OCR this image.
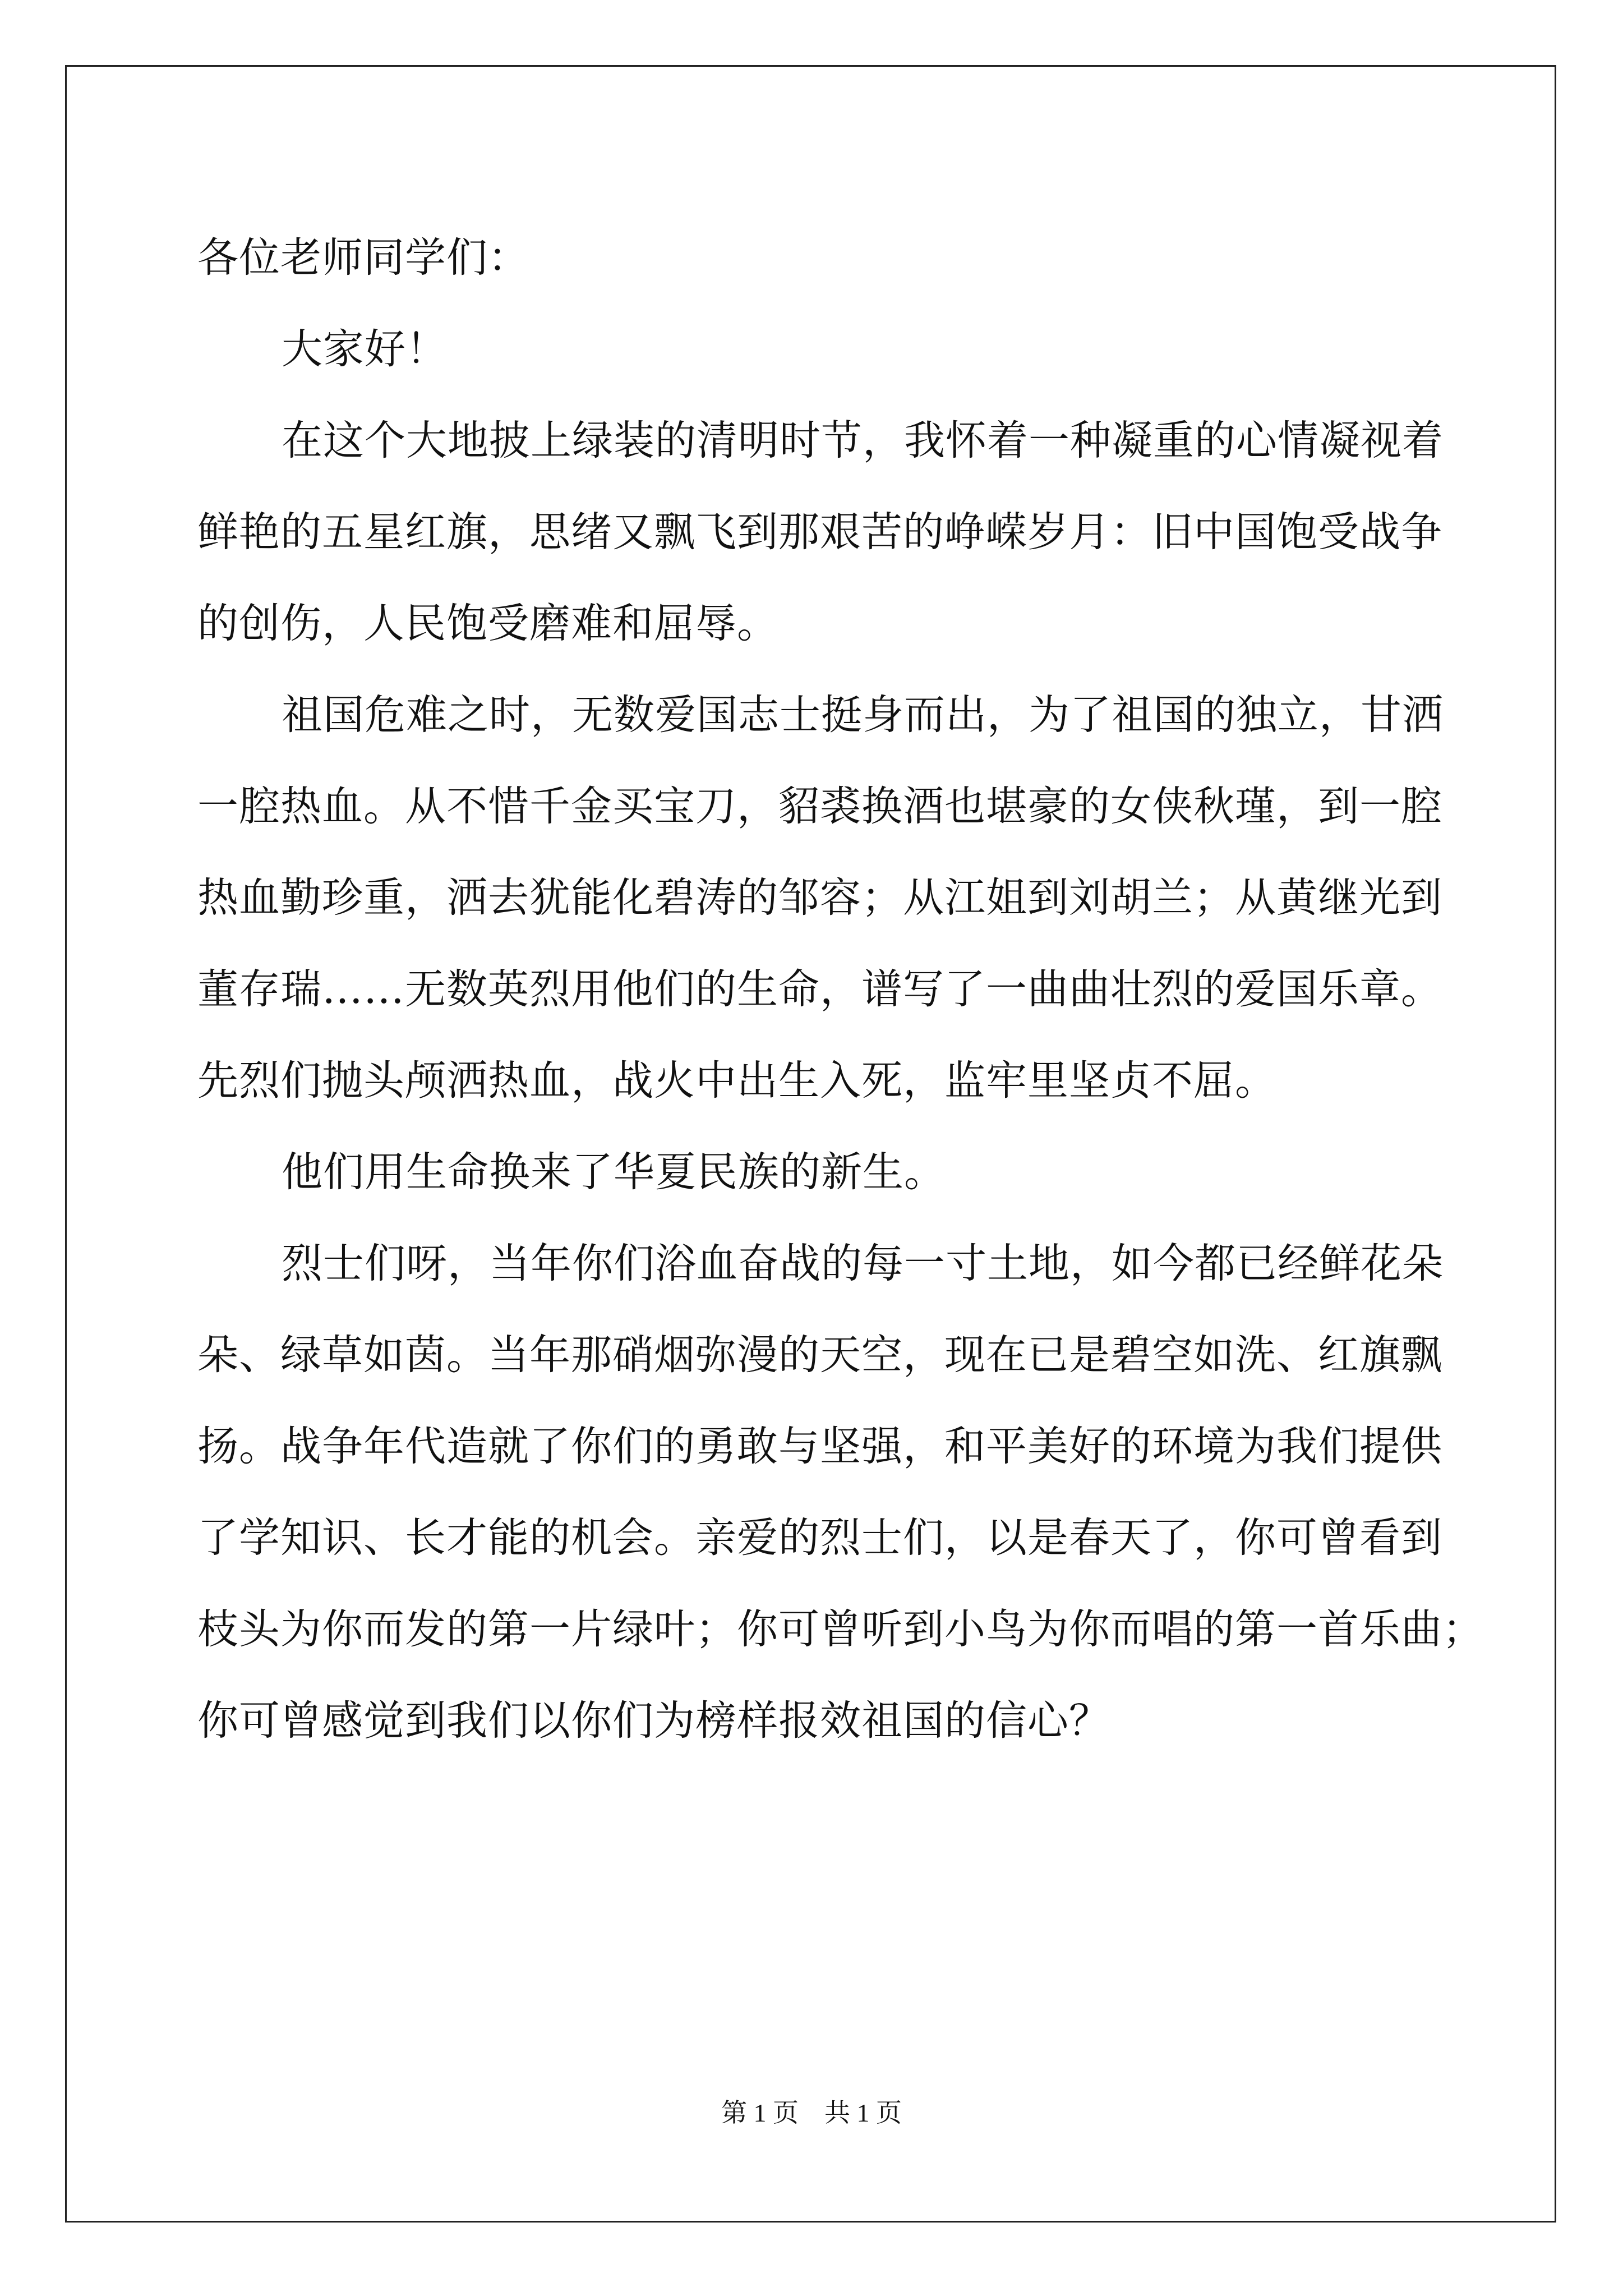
各位老师同学们：
大家好！
在这个大地披上绿装的清明时节，我怀着一种凝重的心情凝视着
鲜艳的五星红旗，思绪又飘飞到那艰苦的峥嵘岁月：旧中国饱受战争
的创伤，人民饱受磨难和屈辱。
祖国危难之时，无数爱国志士挺身而出，为了祖国的独立，甘洒
一腔热血。从不惜千金买宝刀，貂裘换酒也堪豪的女侠秋瑾，到一腔
热血勤珍重，洒去犹能化碧涛的邹容；从江姐到刘胡兰；从黄继光到
董存瑞……无数英烈用他们的生命，谱写了一曲曲壮烈的爱国乐章。
先烈们抛头颅洒热血，战火中出生入死，监牢里坚贞不屈。
他们用生命换来了华夏民族的新生。
烈士们呀，当年你们浴血奋战的每一寸土地，如今都已经鲜花朵
朵、绿草如茵。当年那硝烟弥漫的天空，现在已是碧空如洗、红旗飘
扬。战争年代造就了你们的勇敢与坚强，和平美好的环境为我们提供
了学知识、长才能的机会。亲爱的烈士们，以是春天了，你可曾看到
枝头为你而发的第一片绿叶；你可曾听到小鸟为你而唱的第一首乐曲；
你可曾感觉到我们以你们为榜样报效祖国的信心？
第 1 页　共 1 页
